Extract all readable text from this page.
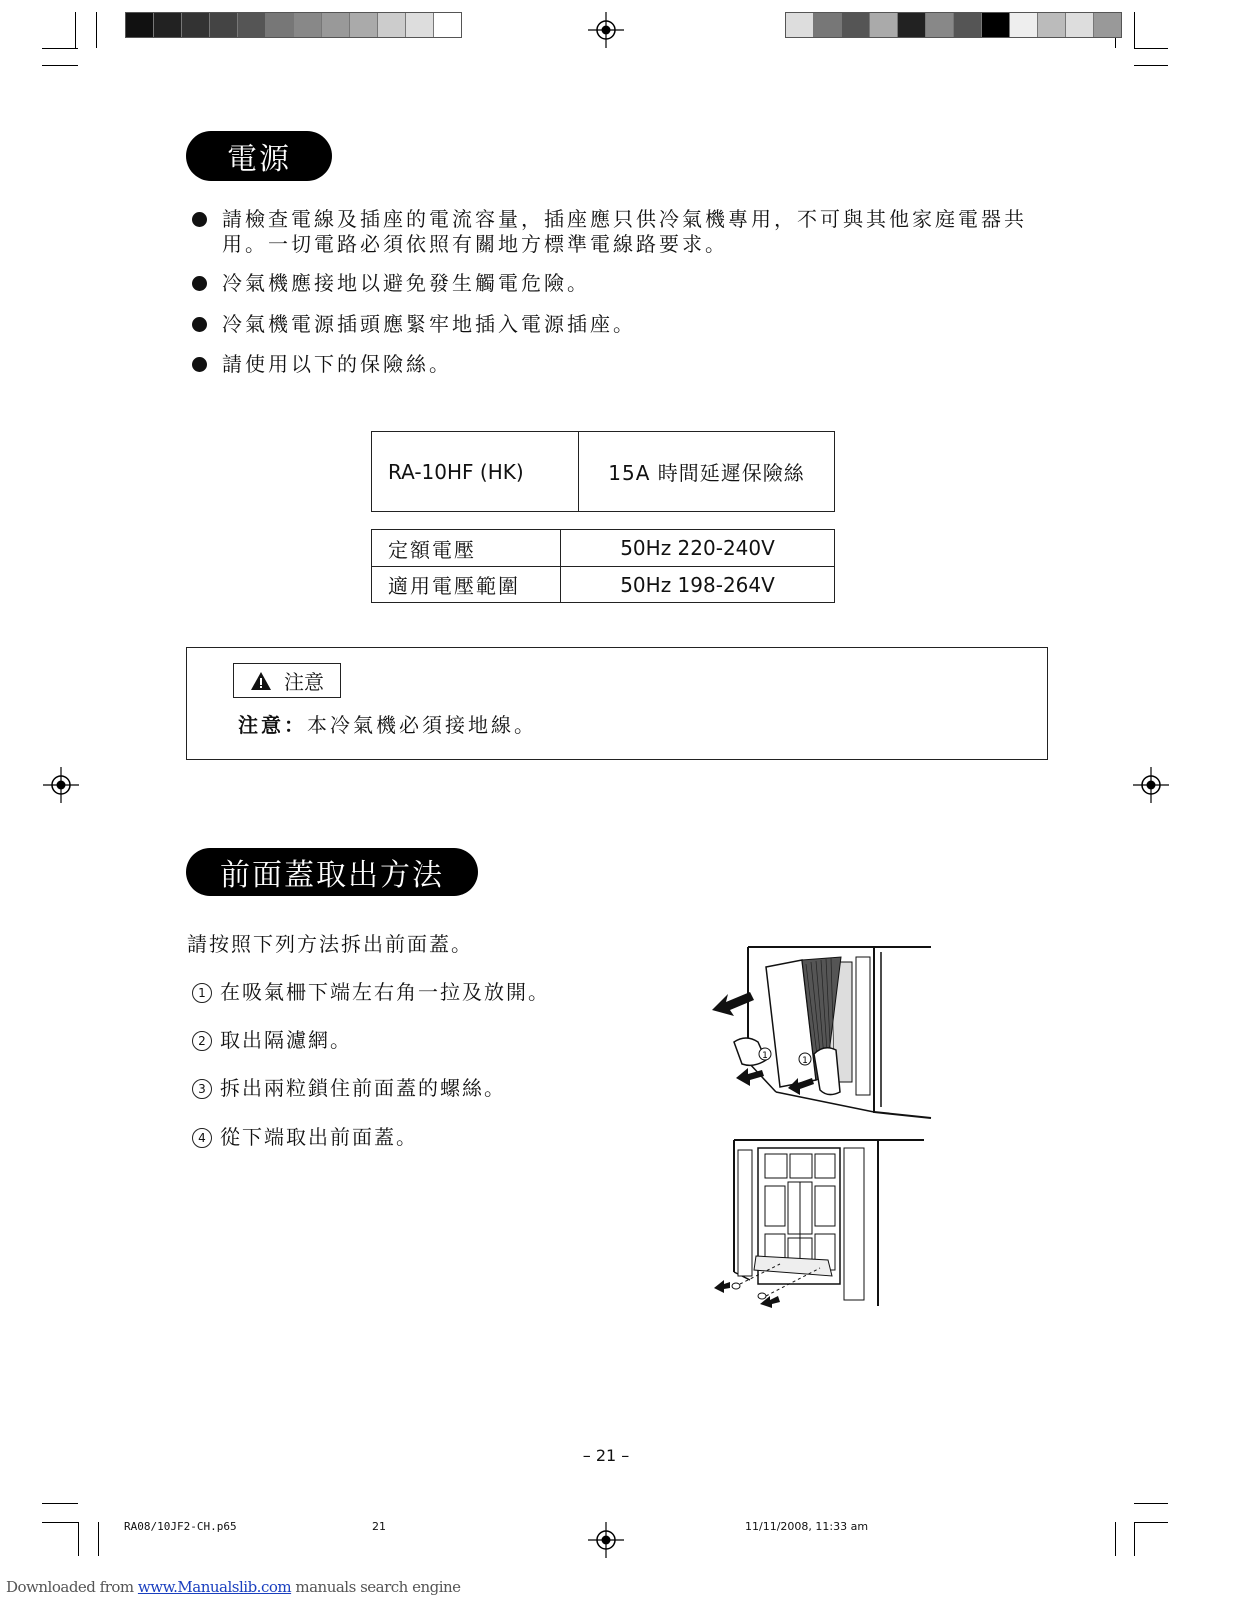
電源
請檢查電線及插座的電流容量，插座應只供冷氣機專用，不可與其他家庭電器共用。一切電路必須依照有關地方標準電線路要求。
冷氣機應接地以避免發生觸電危險。
冷氣機電源插頭應緊牢地插入電源插座。
請使用以下的保險絲。
RA-10HF (HK)	15A 時間延遲保險絲
定額電壓	50Hz 220-240V
適用電壓範圍	50Hz 198-264V
注意
注意：本冷氣機必須接地線。
前面蓋取出方法
請按照下列方法拆出前面蓋。
1 在吸氣柵下端左右角一拉及放開。
2 取出隔濾網。
3 拆出兩粒鎖住前面蓋的螺絲。
4 從下端取出前面蓋。
1	1
– 21 –
RA08/10JF2-CH.p65	21	11/11/2008, 11:33 am
Downloaded from www.Manualslib.com manuals search engine
